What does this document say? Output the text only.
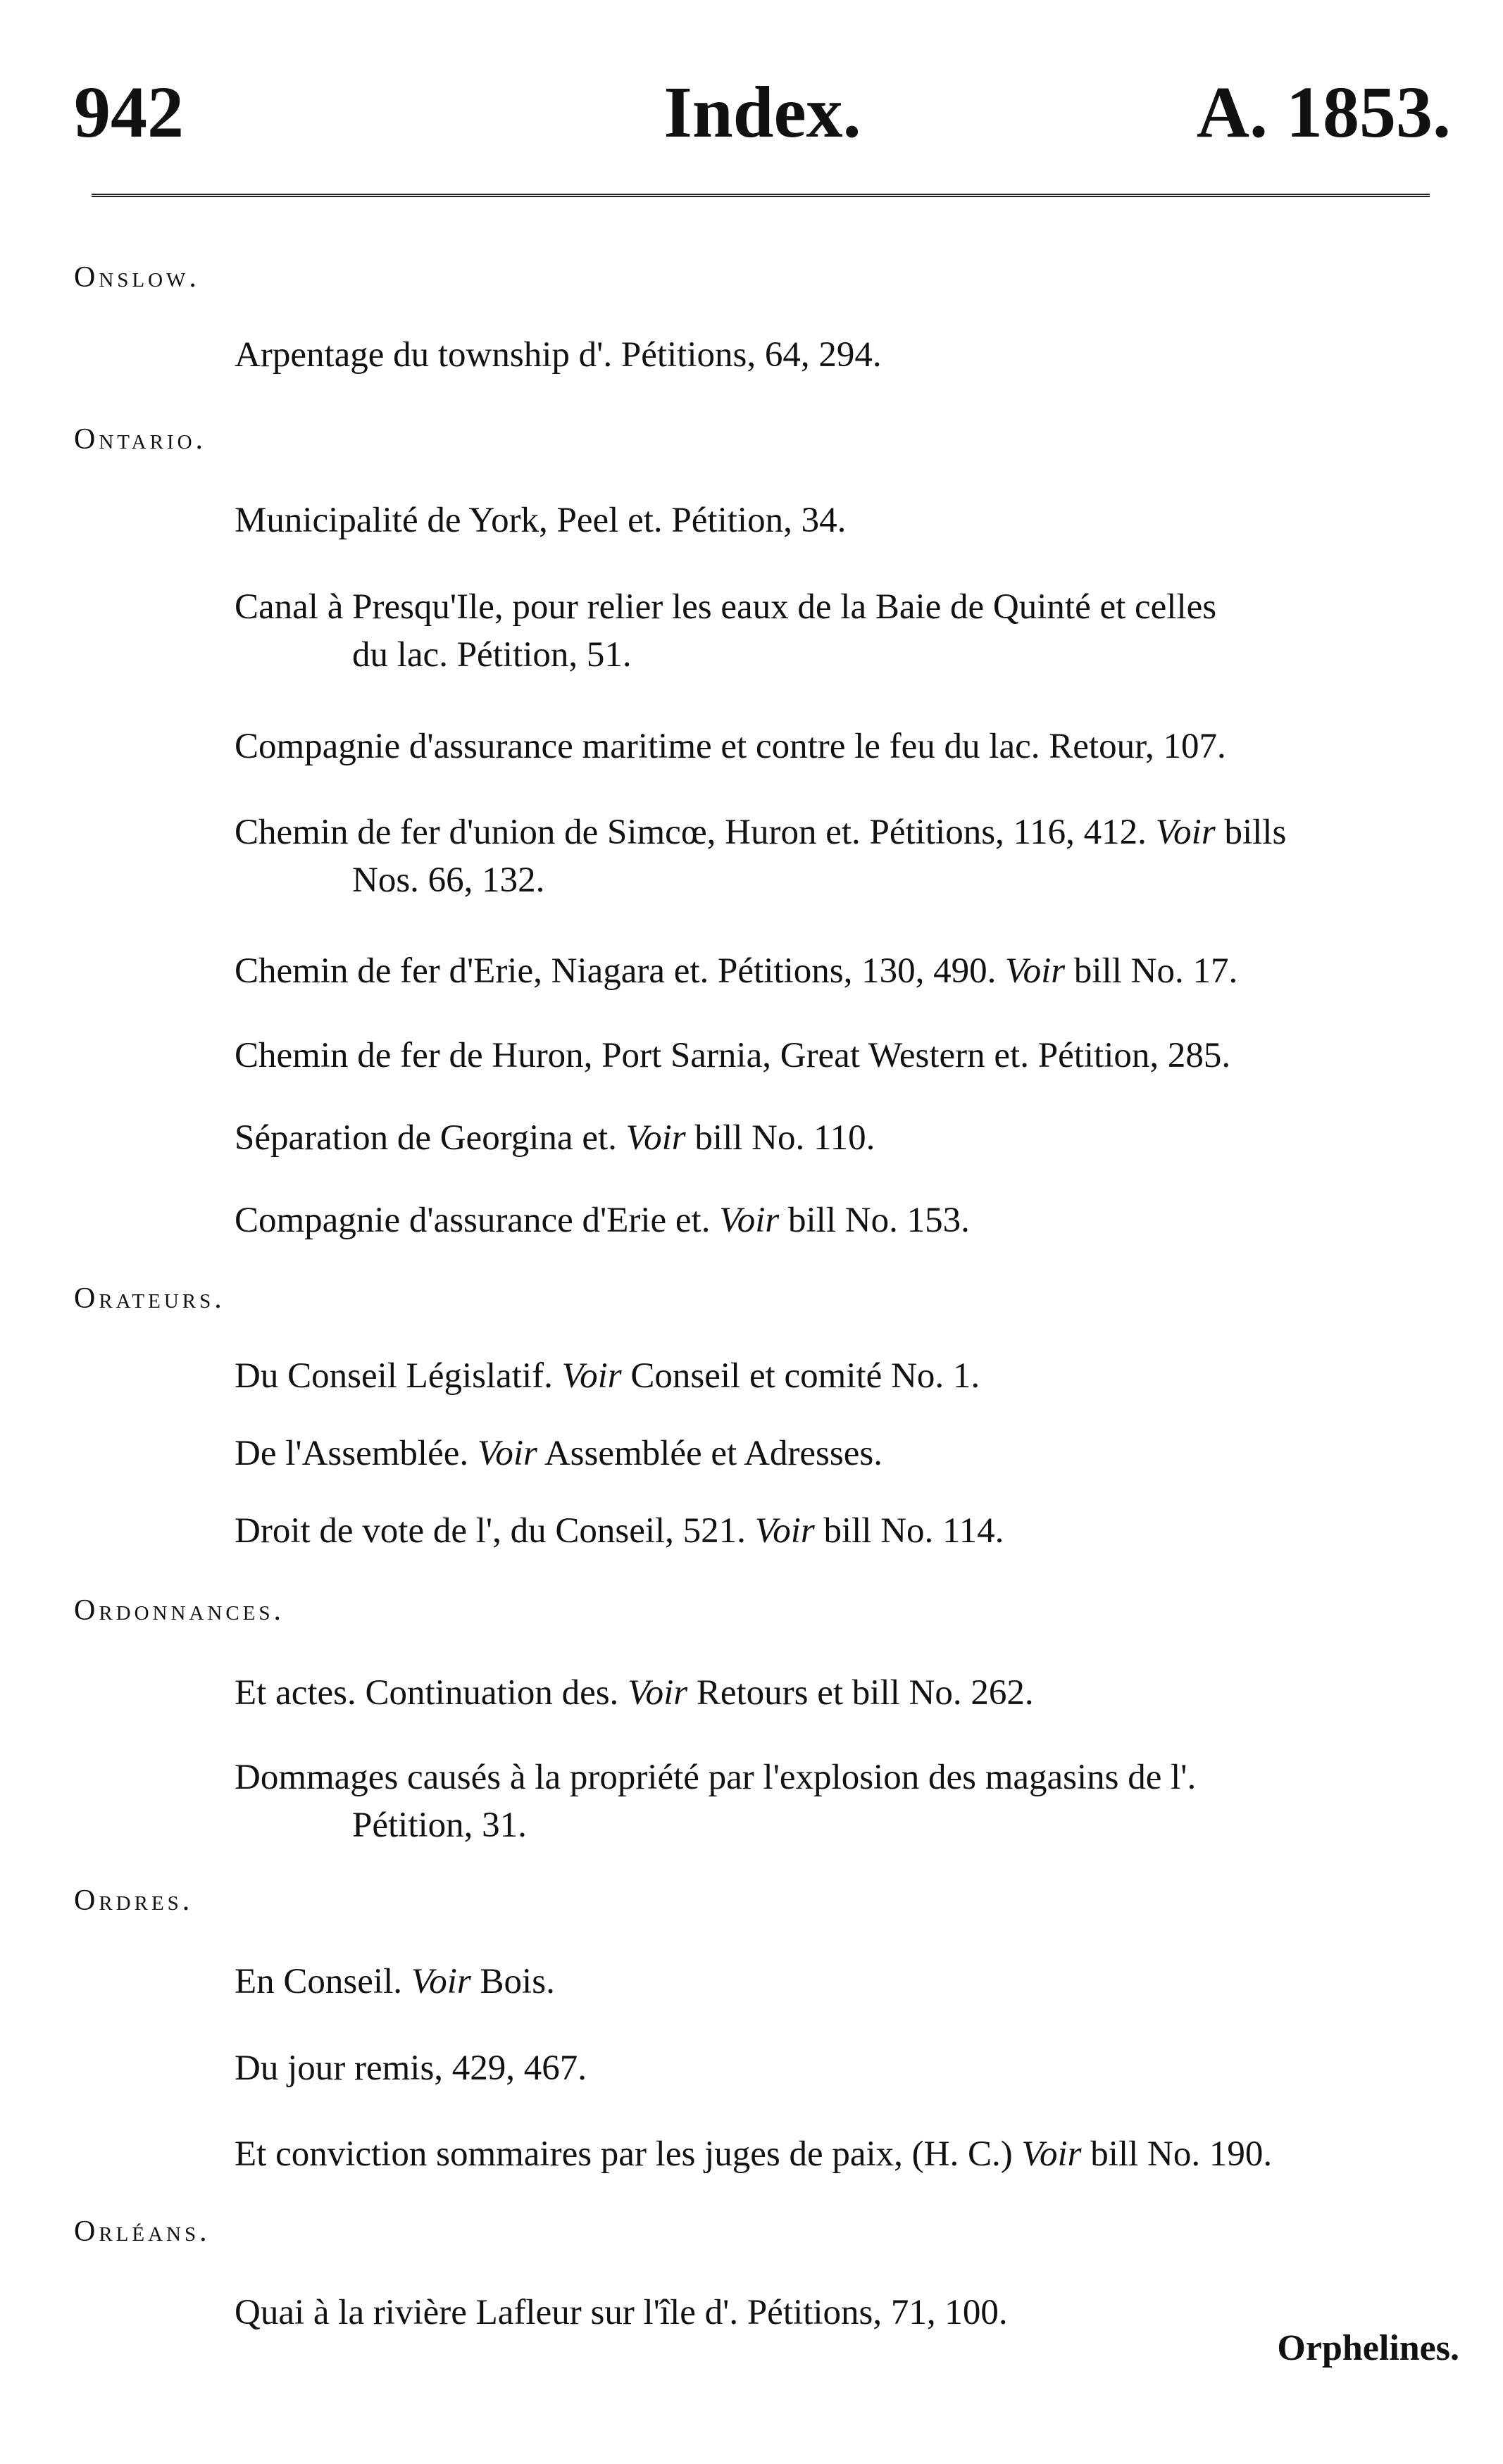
942	Index.	A. 1853.
Onslow.
Arpentage du township d'. Pétitions, 64, 294.
Ontario.
Municipalité de York, Peel et. Pétition, 34.
Canal à Presqu'Ile, pour relier les eaux de la Baie de Quinté et celles
du lac. Pétition, 51.
Compagnie d'assurance maritime et contre le feu du lac. Retour, 107.
Chemin de fer d'union de Simcœ, Huron et. Pétitions, 116, 412. Voir bills
Nos. 66, 132.
Chemin de fer d'Erie, Niagara et. Pétitions, 130, 490. Voir bill No. 17.
Chemin de fer de Huron, Port Sarnia, Great Western et. Pétition, 285.
Séparation de Georgina et. Voir bill No. 110.
Compagnie d'assurance d'Erie et. Voir bill No. 153.
Orateurs.
Du Conseil Législatif. Voir Conseil et comité No. 1.
De l'Assemblée. Voir Assemblée et Adresses.
Droit de vote de l', du Conseil, 521. Voir bill No. 114.
Ordonnances.
Et actes. Continuation des. Voir Retours et bill No. 262.
Dommages causés à la propriété par l'explosion des magasins de l'.
Pétition, 31.
Ordres.
En Conseil. Voir Bois.
Du jour remis, 429, 467.
Et conviction sommaires par les juges de paix, (H. C.) Voir bill No. 190.
Orléans.
Quai à la rivière Lafleur sur l'île d'. Pétitions, 71, 100.
Orphelines.
